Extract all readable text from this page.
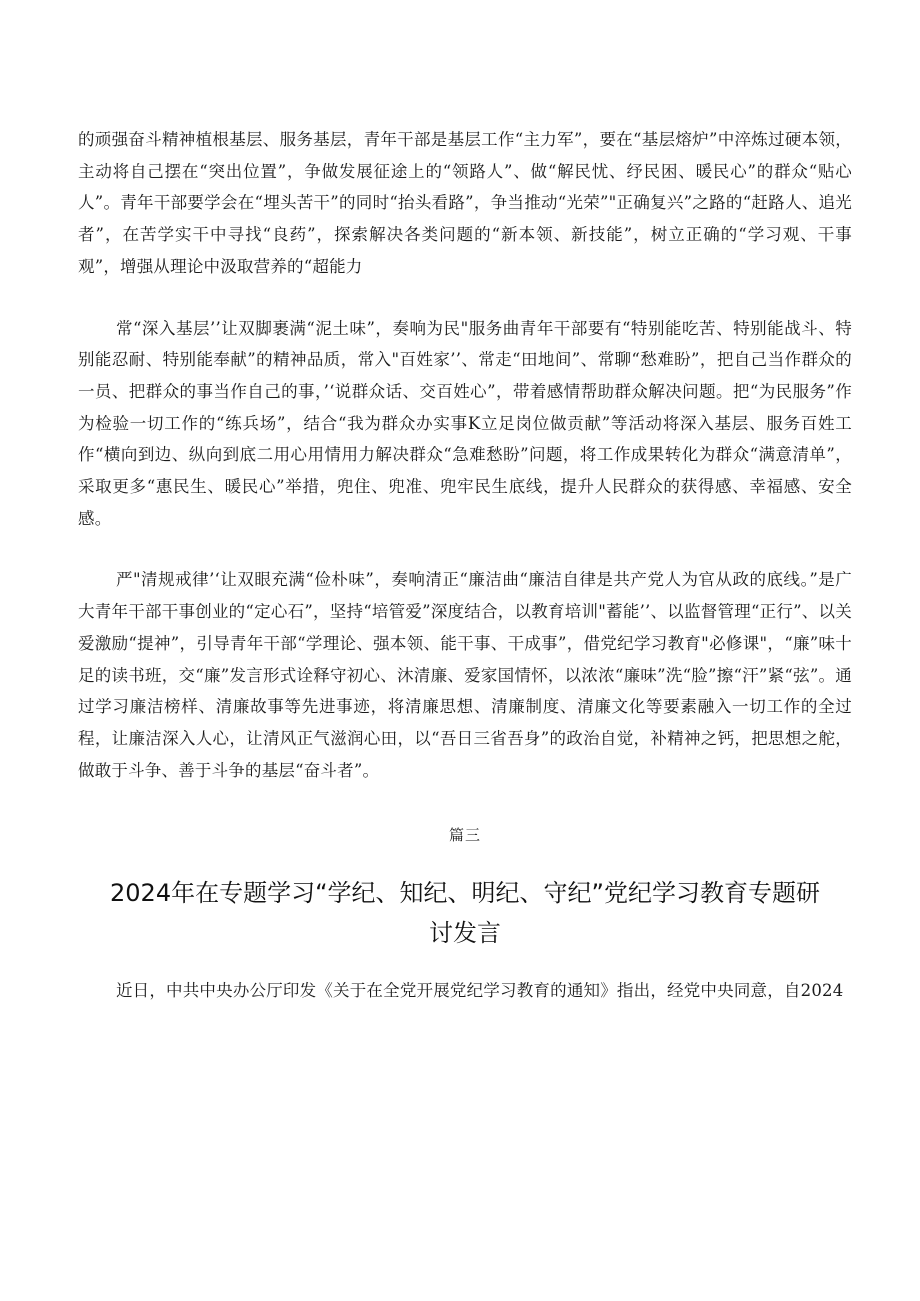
的顽强奋斗精神植根基层、服务基层，青年干部是基层工作“主力军”，要在“基层熔炉”中淬炼过硬本领，主动将自己摆在“突出位置”，争做发展征途上的“领路人”、做“解民忧、纾民困、暖民心”的群众“贴心人”。青年干部要学会在“埋头苦干”的同时“抬头看路”，争当推动“光荣”"正确复兴”之路的“赶路人、追光者”，在苦学实干中寻找“良药”，探索解决各类问题的“新本领、新技能”，树立正确的“学习观、干事观”，增强从理论中汲取营养的“超能力

常“深入基层’’让双脚裹满“泥土味”，奏响为民"服务曲青年干部要有“特别能吃苦、特别能战斗、特别能忍耐、特别能奉献”的精神品质，常入"百姓家’’、常走“田地间”、常聊“愁难盼”，把自己当作群众的一员、把群众的事当作自己的事，’‘说群众话、交百姓心”，带着感情帮助群众解决问题。把“为民服务”作为检验一切工作的“练兵场”，结合“我为群众办实事K立足岗位做贡献”等活动将深入基层、服务百姓工作“横向到边、纵向到底二用心用情用力解决群众“急难愁盼”问题，将工作成果转化为群众“满意清单”，采取更多“惠民生、暖民心”举措，兜住、兜准、兜牢民生底线，提升人民群众的获得感、幸福感、安全感。

严"清规戒律’‘让双眼充满“俭朴味”，奏响清正“廉洁曲“廉洁自律是共产党人为官从政的底线。”是广大青年干部干事创业的“定心石”，坚持“培管爱”深度结合，以教育培训"蓄能’’、以监督管理“正行”、以关爱激励“提神”，引导青年干部“学理论、强本领、能干事、干成事”，借党纪学习教育"必修课"，“廉”味十足的读书班，交“廉”发言形式诠释守初心、沐清廉、爱家国情怀，以浓浓“廉味”洗“脸”擦“汗”紧“弦”。通过学习廉洁榜样、清廉故事等先进事迹，将清廉思想、清廉制度、清廉文化等要素融入一切工作的全过程，让廉洁深入人心，让清风正气滋润心田，以“吾日三省吾身”的政治自觉，补精神之钙，把思想之舵，做敢于斗争、善于斗争的基层“奋斗者”。

篇三

2024年在专题学习“学纪、知纪、明纪、守纪”党纪学习教育专题研讨发言

近日，中共中央办公厅印发《关于在全党开展党纪学习教育的通知》指出，经党中央同意，自2024
